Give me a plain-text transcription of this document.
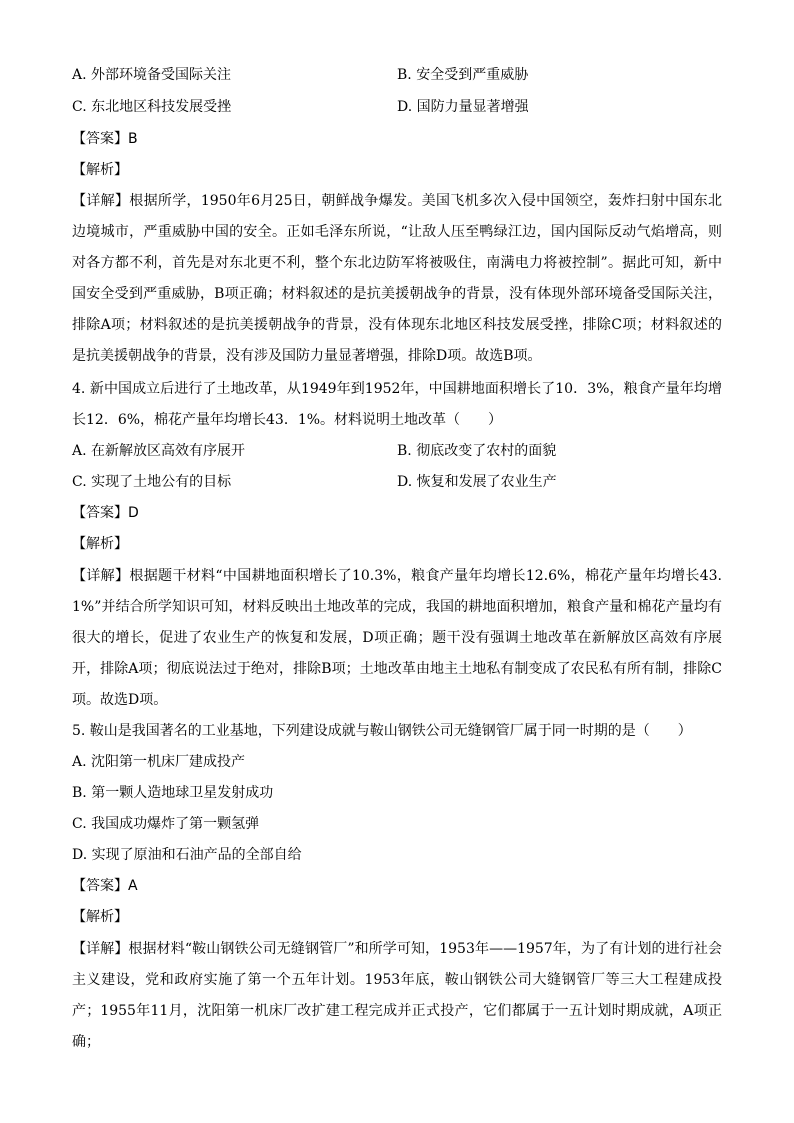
A. 外部环境备受国际关注	B. 安全受到严重威胁
C. 东北地区科技发展受挫	D. 国防力量显著增强
【答案】B
【解析】
【详解】根据所学，1950年6月25日，朝鲜战争爆发。美国飞机多次入侵中国领空，轰炸扫射中国东北边境城市，严重威胁中国的安全。正如毛泽东所说，“让敌人压至鸭绿江边，国内国际反动气焰增高，则对各方都不利，首先是对东北更不利，整个东北边防军将被吸住，南满电力将被控制”。据此可知，新中国安全受到严重威胁，B项正确；材料叙述的是抗美援朝战争的背景，没有体现外部环境备受国际关注，排除A项；材料叙述的是抗美援朝战争的背景，没有体现东北地区科技发展受挫，排除C项；材料叙述的是抗美援朝战争的背景，没有涉及国防力量显著增强，排除D项。故选B项。
4. 新中国成立后进行了土地改革，从1949年到1952年，中国耕地面积增长了10．3%，粮食产量年均增长12．6%，棉花产量年均增长43．1%。材料说明土地改革（　　）
A. 在新解放区高效有序展开	B. 彻底改变了农村的面貌
C. 实现了土地公有的目标	D. 恢复和发展了农业生产
【答案】D
【解析】
【详解】根据题干材料“中国耕地面积增长了10.3%，粮食产量年均增长12.6%，棉花产量年均增长43.1%”并结合所学知识可知，材料反映出土地改革的完成，我国的耕地面积增加，粮食产量和棉花产量均有很大的增长，促进了农业生产的恢复和发展，D项正确；题干没有强调土地改革在新解放区高效有序展开，排除A项；彻底说法过于绝对，排除B项；土地改革由地主土地私有制变成了农民私有所有制，排除C项。故选D项。
5. 鞍山是我国著名的工业基地，下列建设成就与鞍山钢铁公司无缝钢管厂属于同一时期的是（　　）
A. 沈阳第一机床厂建成投产
B. 第一颗人造地球卫星发射成功
C. 我国成功爆炸了第一颗氢弹
D. 实现了原油和石油产品的全部自给
【答案】A
【解析】
【详解】根据材料“鞍山钢铁公司无缝钢管厂”和所学可知，1953年——1957年，为了有计划的进行社会主义建设，党和政府实施了第一个五年计划。1953年底，鞍山钢铁公司大缝钢管厂等三大工程建成投产；1955年11月，沈阳第一机床厂改扩建工程完成并正式投产，它们都属于一五计划时期成就，A项正确；
